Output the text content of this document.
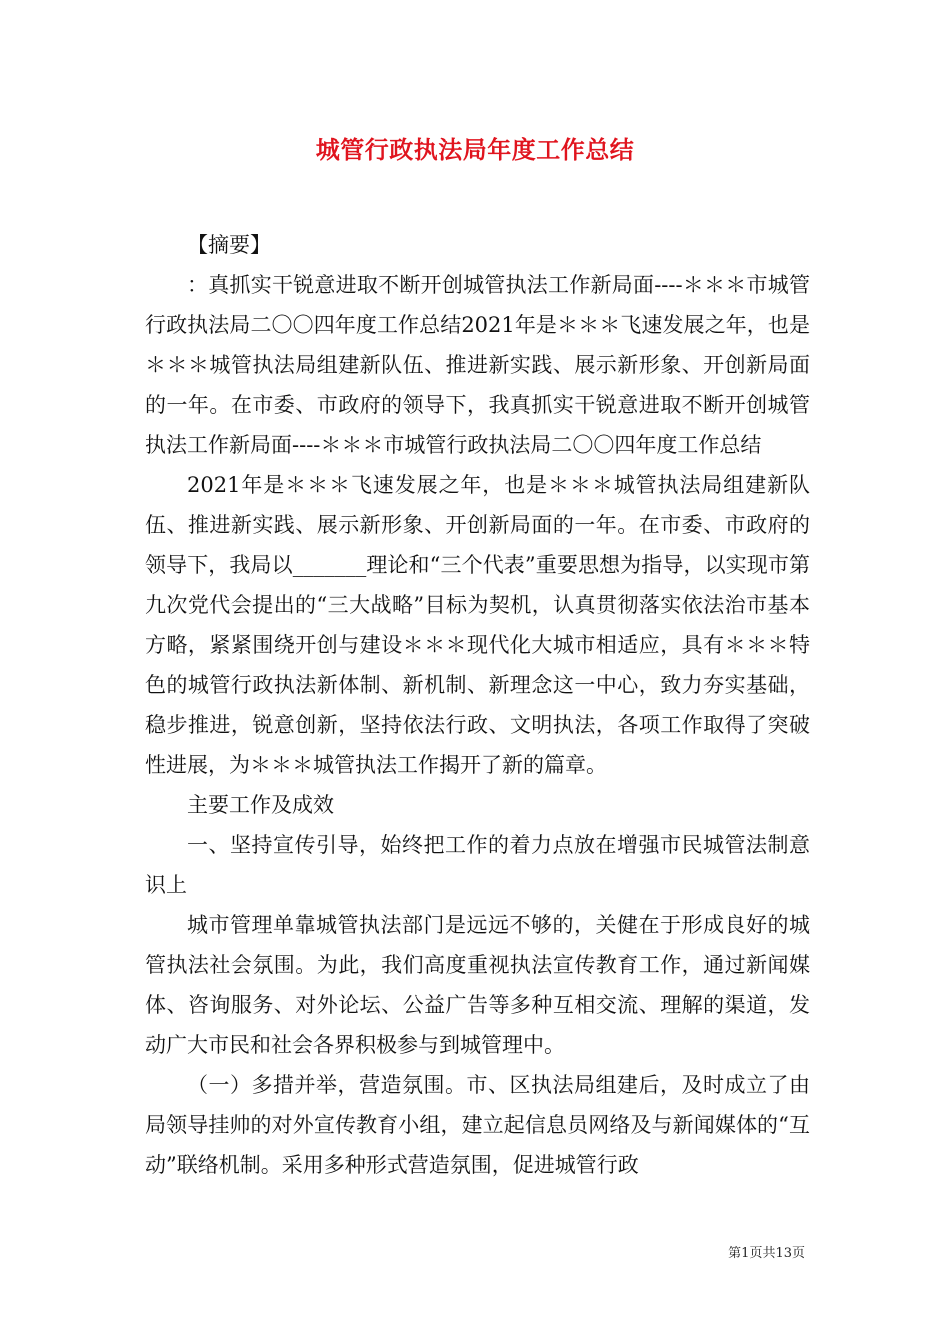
城管行政执法局年度工作总结

【摘要】

：真抓实干锐意进取不断开创城管执法工作新局面----＊＊＊市城管行政执法局二〇〇四年度工作总结2021年是＊＊＊飞速发展之年，也是＊＊＊城管执法局组建新队伍、推进新实践、展示新形象、开创新局面的一年。在市委、市政府的领导下，我真抓实干锐意进取不断开创城管执法工作新局面----＊＊＊市城管行政执法局二〇〇四年度工作总结

2021年是＊＊＊飞速发展之年，也是＊＊＊城管执法局组建新队伍、推进新实践、展示新形象、开创新局面的一年。在市委、市政府的领导下，我局以_______理论和“三个代表”重要思想为指导，以实现市第九次党代会提出的“三大战略”目标为契机，认真贯彻落实依法治市基本方略，紧紧围绕开创与建设＊＊＊现代化大城市相适应，具有＊＊＊特色的城管行政执法新体制、新机制、新理念这一中心，致力夯实基础，稳步推进，锐意创新，坚持依法行政、文明执法，各项工作取得了突破性进展，为＊＊＊城管执法工作揭开了新的篇章。

主要工作及成效

一、坚持宣传引导，始终把工作的着力点放在增强市民城管法制意识上

城市管理单靠城管执法部门是远远不够的，关健在于形成良好的城管执法社会氛围。为此，我们高度重视执法宣传教育工作，通过新闻媒体、咨询服务、对外论坛、公益广告等多种互相交流、理解的渠道，发动广大市民和社会各界积极参与到城管理中。

（一）多措并举，营造氛围。市、区执法局组建后，及时成立了由局领导挂帅的对外宣传教育小组，建立起信息员网络及与新闻媒体的“互动”联络机制。采用多种形式营造氛围，促进城管行政

第1页共13页
